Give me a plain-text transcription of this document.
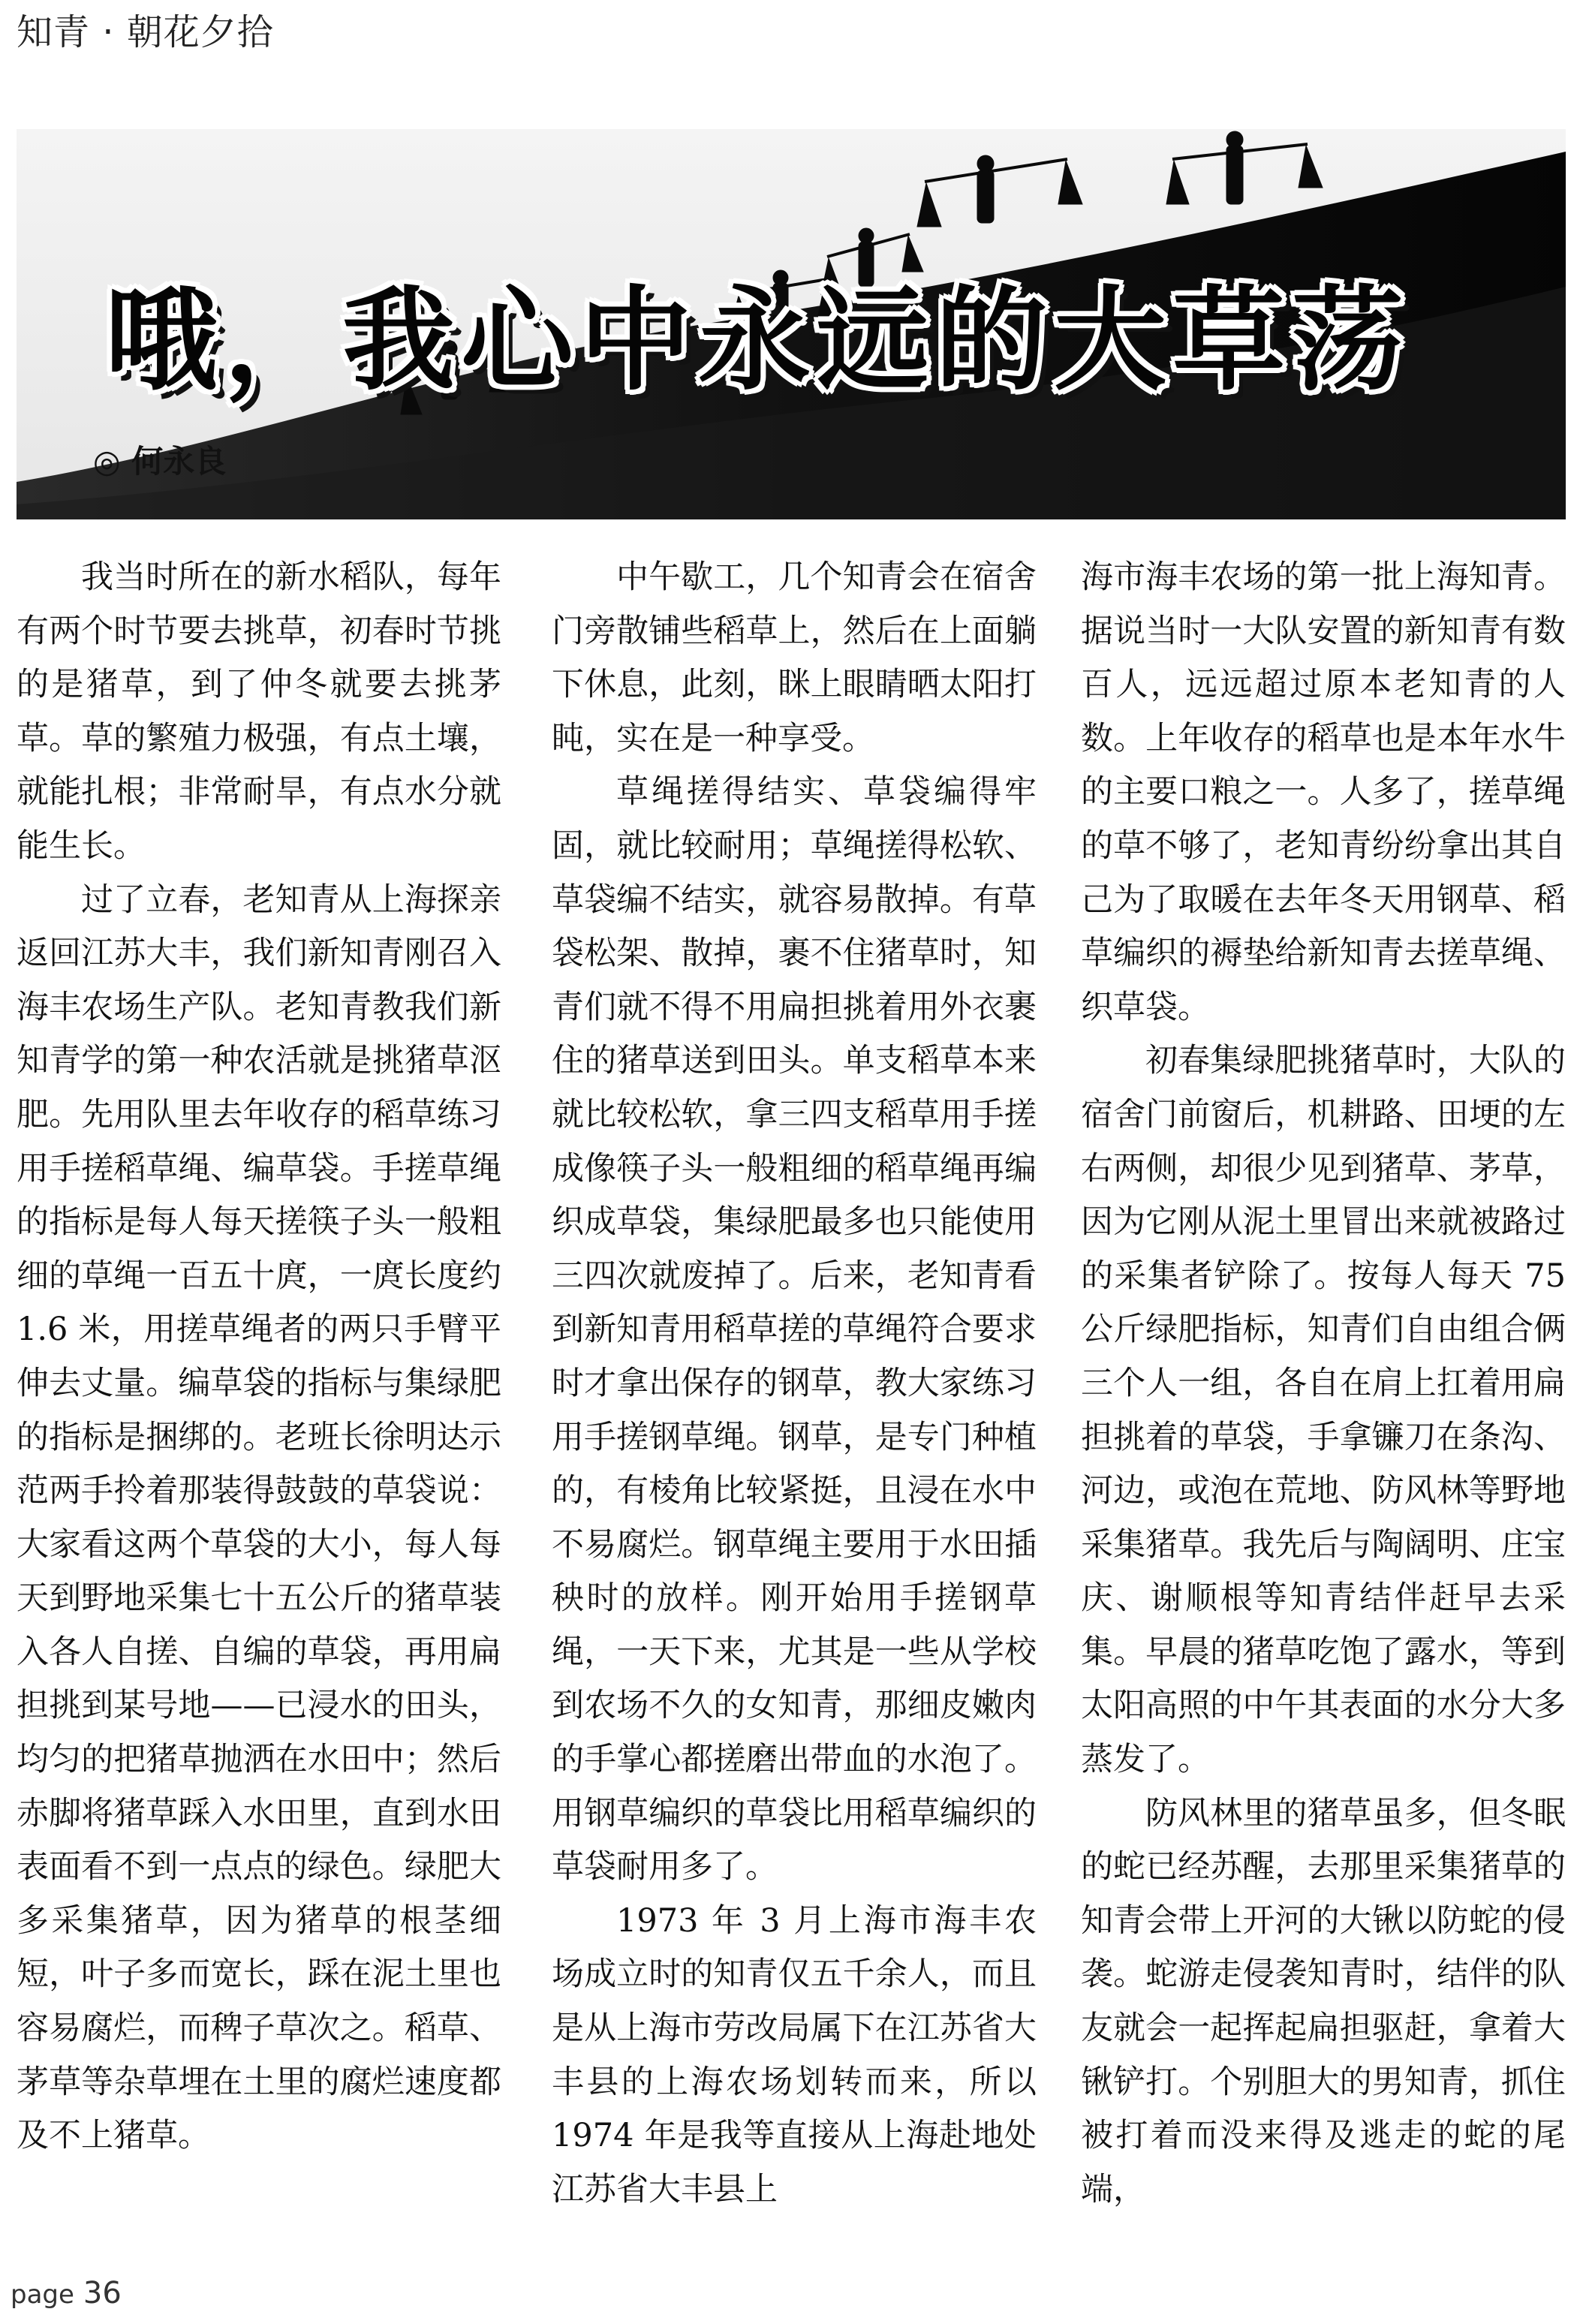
知青 · 朝花夕拾
哦，我心中永远的大草荡
◎ 何永良

我当时所在的新水稻队，每年有两个时节要去挑草，初春时节挑的是猪草，到了仲冬就要去挑茅草。草的繁殖力极强，有点土壤，就能扎根；非常耐旱，有点水分就能生长。

过了立春，老知青从上海探亲返回江苏大丰，我们新知青刚召入海丰农场生产队。老知青教我们新知青学的第一种农活就是挑猪草沤肥。先用队里去年收存的稻草练习用手搓稻草绳、编草袋。手搓草绳的指标是每人每天搓筷子头一般粗细的草绳一百五十庹，一庹长度约 1.6 米，用搓草绳者的两只手臂平伸去丈量。编草袋的指标与集绿肥的指标是捆绑的。老班长徐明达示范两手拎着那装得鼓鼓的草袋说：大家看这两个草袋的大小，每人每天到野地采集七十五公斤的猪草装入各人自搓、自编的草袋，再用扁担挑到某号地——已浸水的田头，均匀的把猪草抛洒在水田中；然后赤脚将猪草踩入水田里，直到水田表面看不到一点点的绿色。绿肥大多采集猪草，因为猪草的根茎细短，叶子多而宽长，踩在泥土里也容易腐烂，而稗子草次之。稻草、茅草等杂草埋在土里的腐烂速度都及不上猪草。

中午歇工，几个知青会在宿舍门旁散铺些稻草上，然后在上面躺下休息，此刻，眯上眼睛晒太阳打盹，实在是一种享受。

草绳搓得结实、草袋编得牢固，就比较耐用；草绳搓得松软、草袋编不结实，就容易散掉。有草袋松架、散掉，裹不住猪草时，知青们就不得不用扁担挑着用外衣裹住的猪草送到田头。单支稻草本来就比较松软，拿三四支稻草用手搓成像筷子头一般粗细的稻草绳再编织成草袋，集绿肥最多也只能使用三四次就废掉了。后来，老知青看到新知青用稻草搓的草绳符合要求时才拿出保存的钢草，教大家练习用手搓钢草绳。钢草，是专门种植的，有棱角比较紧挺，且浸在水中不易腐烂。钢草绳主要用于水田插秧时的放样。刚开始用手搓钢草绳，一天下来，尤其是一些从学校到农场不久的女知青，那细皮嫩肉的手掌心都搓磨出带血的水泡了。用钢草编织的草袋比用稻草编织的草袋耐用多了。

1973 年 3 月上海市海丰农场成立时的知青仅五千余人，而且是从上海市劳改局属下在江苏省大丰县的上海农场划转而来，所以 1974 年是我等直接从上海赴地处江苏省大丰县上

海市海丰农场的第一批上海知青。据说当时一大队安置的新知青有数百人，远远超过原本老知青的人数。上年收存的稻草也是本年水牛的主要口粮之一。人多了，搓草绳的草不够了，老知青纷纷拿出其自己为了取暖在去年冬天用钢草、稻草编织的褥垫给新知青去搓草绳、织草袋。

初春集绿肥挑猪草时，大队的宿舍门前窗后，机耕路、田埂的左右两侧，却很少见到猪草、茅草，因为它刚从泥土里冒出来就被路过的采集者铲除了。按每人每天 75 公斤绿肥指标，知青们自由组合俩三个人一组，各自在肩上扛着用扁担挑着的草袋，手拿镰刀在条沟、河边，或泡在荒地、防风林等野地采集猪草。我先后与陶阔明、庄宝庆、谢顺根等知青结伴赶早去采集。早晨的猪草吃饱了露水，等到太阳高照的中午其表面的水分大多蒸发了。

防风林里的猪草虽多，但冬眠的蛇已经苏醒，去那里采集猪草的知青会带上开河的大锹以防蛇的侵袭。蛇游走侵袭知青时，结伴的队友就会一起挥起扁担驱赶，拿着大锹铲打。个别胆大的男知青，抓住被打着而没来得及逃走的蛇的尾端，

page 36
